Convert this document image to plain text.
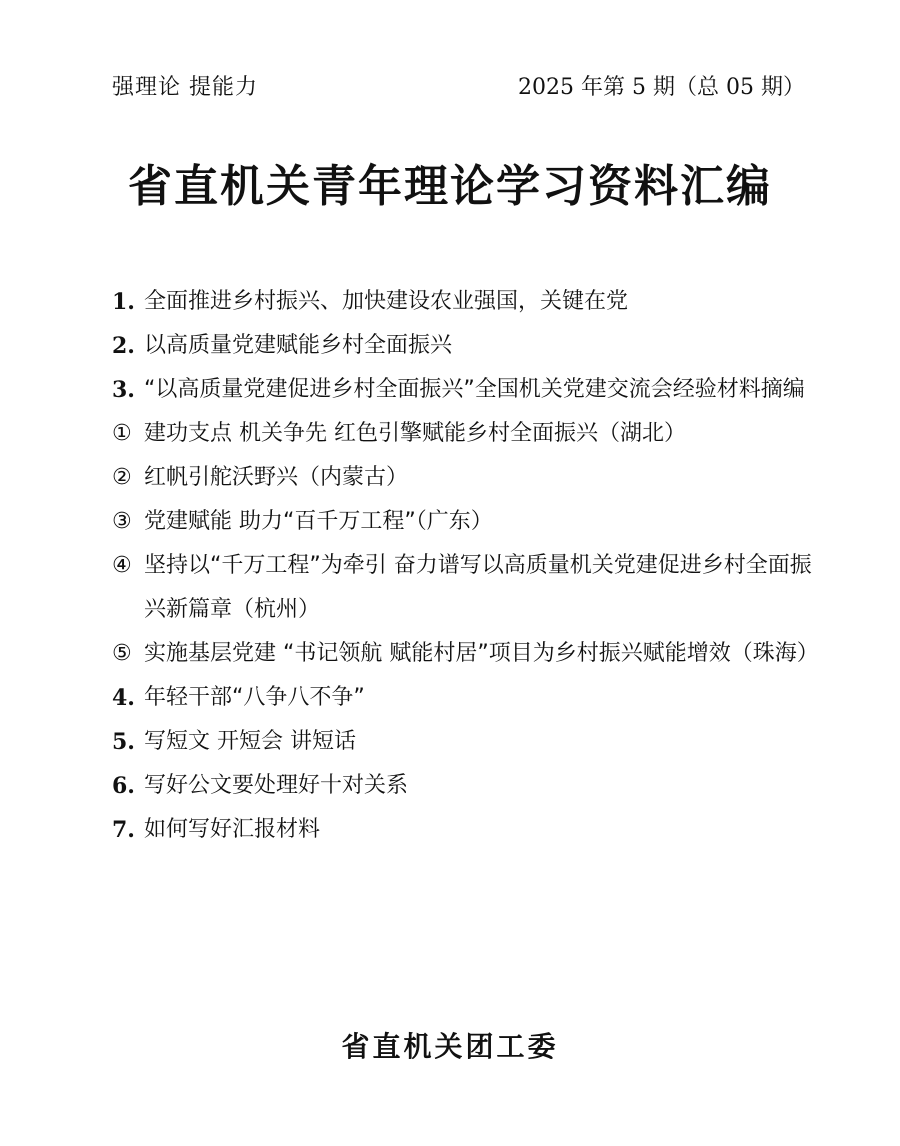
强理论 提能力	2025 年第 5 期（总 05 期）
省直机关青年理论学习资料汇编
1. 全面推进乡村振兴、加快建设农业强国，关键在党
2. 以高质量党建赋能乡村全面振兴
3. “以高质量党建促进乡村全面振兴”全国机关党建交流会经验材料摘编
① 建功支点 机关争先 红色引擎赋能乡村全面振兴（湖北）
② 红帆引舵沃野兴（内蒙古）
③ 党建赋能 助力“百千万工程”（广东）
④ 坚持以“千万工程”为牵引 奋力谱写以高质量机关党建促进乡村全面振兴新篇章（杭州）
⑤ 实施基层党建 “书记领航 赋能村居”项目为乡村振兴赋能增效（珠海）
4. 年轻干部“八争八不争”
5. 写短文 开短会 讲短话
6. 写好公文要处理好十对关系
7. 如何写好汇报材料
省直机关团工委
